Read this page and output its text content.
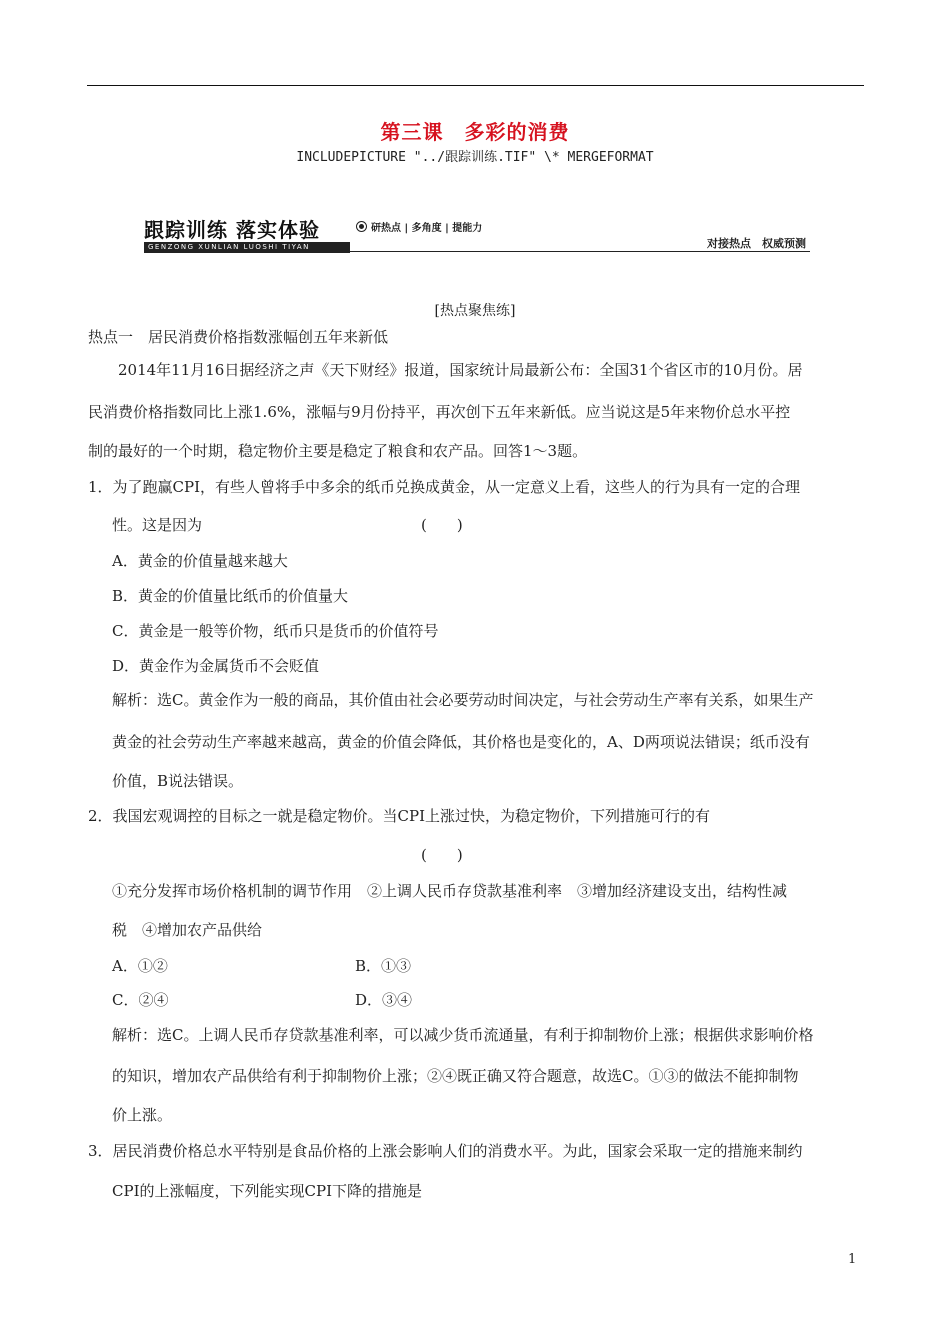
第三课　多彩的消费
INCLUDEPICTURE "../跟踪训练.TIF" \* MERGEFORMAT
跟踪训练 落实体验
GENZONG XUNLIAN LUOSHI TIYAN
研热点 | 多角度 | 提能力
对接热点　权威预测
[热点聚焦练]
热点一　居民消费价格指数涨幅创五年来新低
2014年11月16日据经济之声《天下财经》报道，国家统计局最新公布：全国31个省区市的10月份。居
民消费价格指数同比上涨1.6%，涨幅与9月份持平，再次创下五年来新低。应当说这是5年来物价总水平控
制的最好的一个时期，稳定物价主要是稳定了粮食和农产品。回答1～3题。
1．为了跑赢CPI，有些人曾将手中多余的纸币兑换成黄金，从一定意义上看，这些人的行为具有一定的合理
性。这是因为	(　　)
A．黄金的价值量越来越大
B．黄金的价值量比纸币的价值量大
C．黄金是一般等价物，纸币只是货币的价值符号
D．黄金作为金属货币不会贬值
解析：选C。黄金作为一般的商品，其价值由社会必要劳动时间决定，与社会劳动生产率有关系，如果生产
黄金的社会劳动生产率越来越高，黄金的价值会降低，其价格也是变化的，A、D两项说法错误；纸币没有
价值，B说法错误。
2．我国宏观调控的目标之一就是稳定物价。当CPI上涨过快，为稳定物价，下列措施可行的有
(　　)
①充分发挥市场价格机制的调节作用　②上调人民币存贷款基准利率　③增加经济建设支出，结构性减
税　④增加农产品供给
A．①②	B．①③
C．②④	D．③④
解析：选C。上调人民币存贷款基准利率，可以减少货币流通量，有利于抑制物价上涨；根据供求影响价格
的知识，增加农产品供给有利于抑制物价上涨；②④既正确又符合题意，故选C。①③的做法不能抑制物
价上涨。
3．居民消费价格总水平特别是食品价格的上涨会影响人们的消费水平。为此，国家会采取一定的措施来制约
CPI的上涨幅度，下列能实现CPI下降的措施是
1
